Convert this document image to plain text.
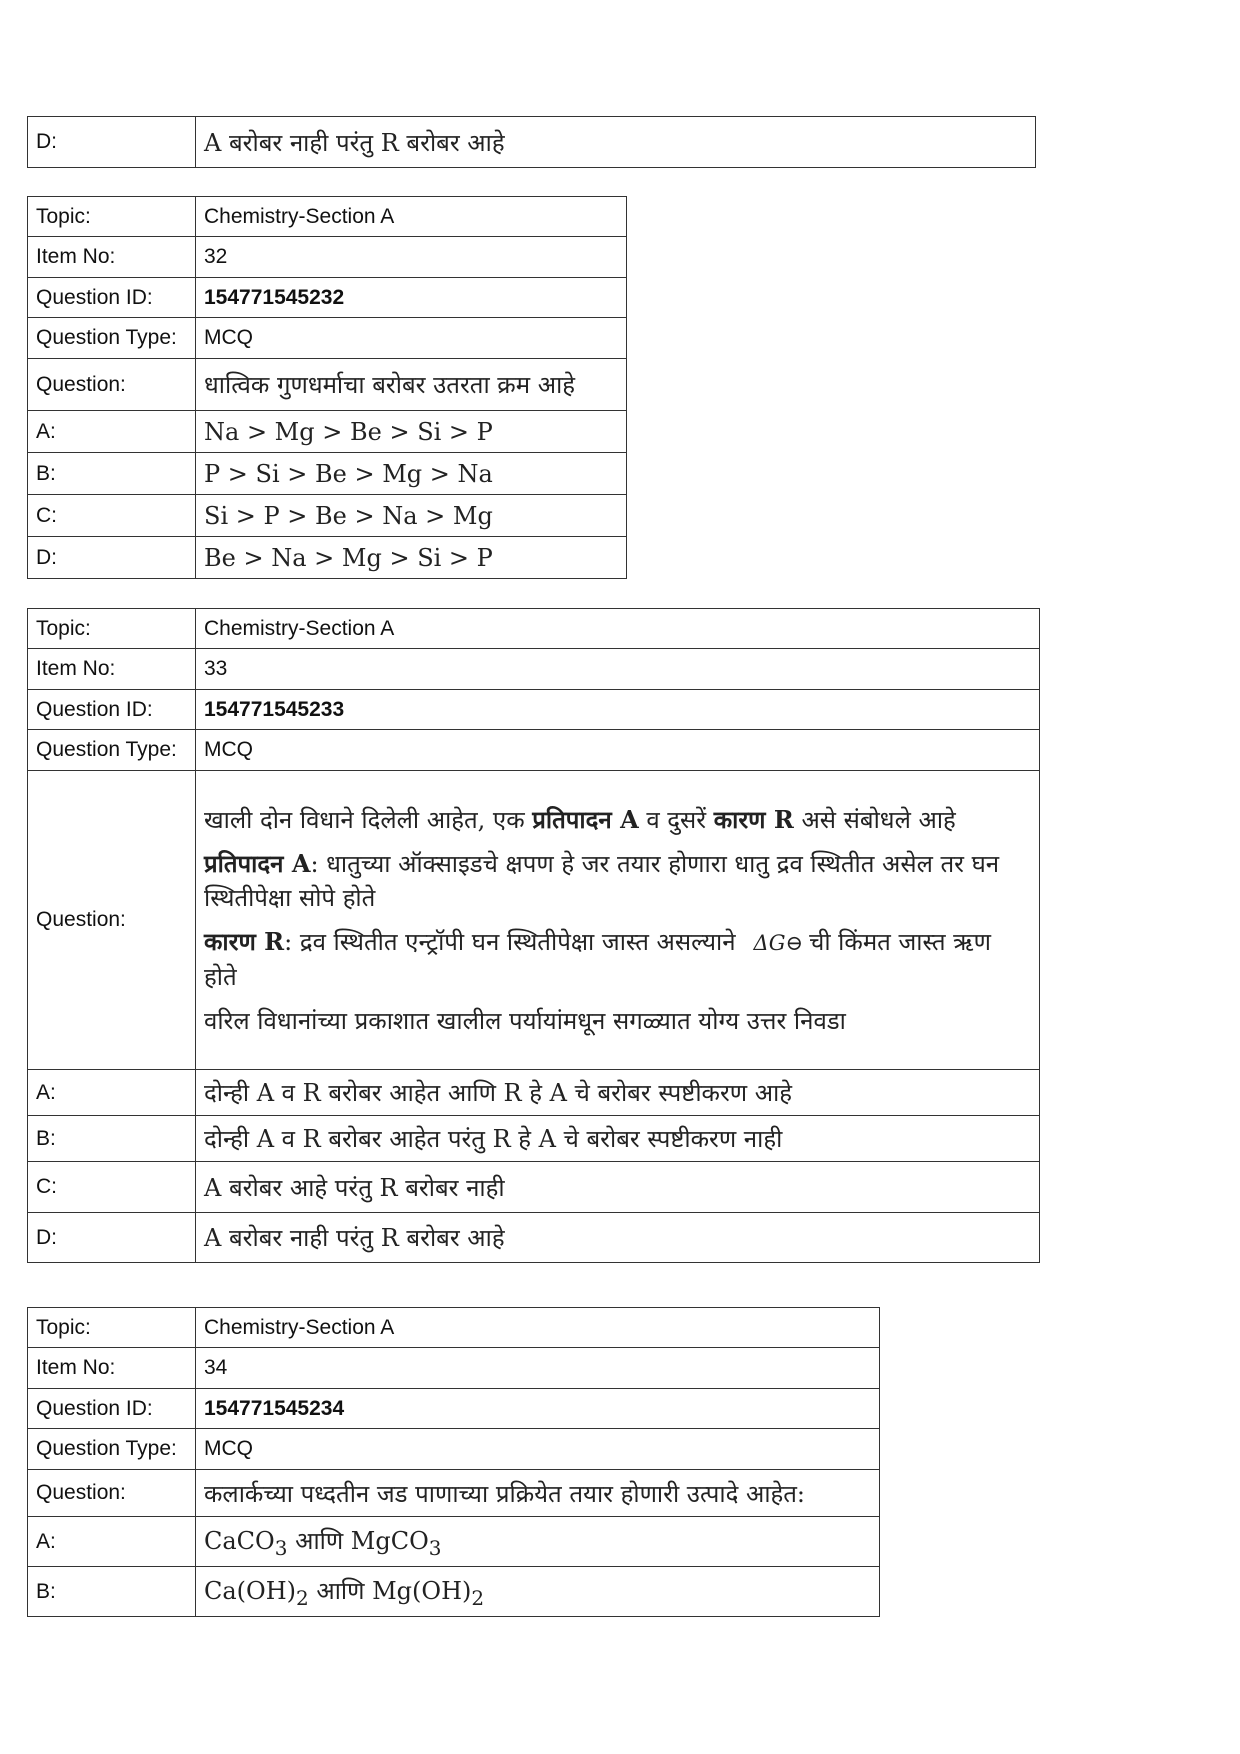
D:	A बरोबर नाही परंतु R बरोबर आहे
Topic:	Chemistry-Section A
Item No:	32
Question ID:	154771545232
Question Type:	MCQ
Question:	धात्विक गुणधर्माचा बरोबर उतरता क्रम आहे
A:	Na > Mg > Be > Si > P
B:	P > Si > Be > Mg > Na
C:	Si > P > Be > Na > Mg
D:	Be > Na > Mg > Si > P
Topic:	Chemistry-Section A
Item No:	33
Question ID:	154771545233
Question Type:	MCQ
Question:	खाली दोन विधाने दिलेली आहेत, एक प्रतिपादन A व दुसरें कारण R असे संबोधले आहे
प्रतिपादन A: धातुच्या ऑक्साइडचे क्षपण हे जर तयार होणारा धातु द्रव स्थितीत असेल तर घन स्थितीपेक्षा सोपे होते
कारण R: द्रव स्थितीत एन्ट्रॉपी घन स्थितीपेक्षा जास्त असल्याने ΔG⊖ ची किंमत जास्त ऋण होते
वरिल विधानांच्या प्रकाशात खालील पर्यायांमधून सगळ्यात योग्य उत्तर निवडा

A:	दोन्ही A व R बरोबर आहेत आणि R हे A चे बरोबर स्पष्टीकरण आहे
B:	दोन्ही A व R बरोबर आहेत परंतु R हे A चे बरोबर स्पष्टीकरण नाही
C:	A बरोबर आहे परंतु R बरोबर नाही
D:	A बरोबर नाही परंतु R बरोबर आहे
Topic:	Chemistry-Section A
Item No:	34
Question ID:	154771545234
Question Type:	MCQ
Question:	कलार्कच्या पध्दतीन जड पाणाच्या प्रक्रियेत तयार होणारी उत्पादे आहेत:
A:	CaCO$_3$ आणि MgCO$_3$
B:	$Ca(OH)_2$ आणि $Mg(OH)_2$
